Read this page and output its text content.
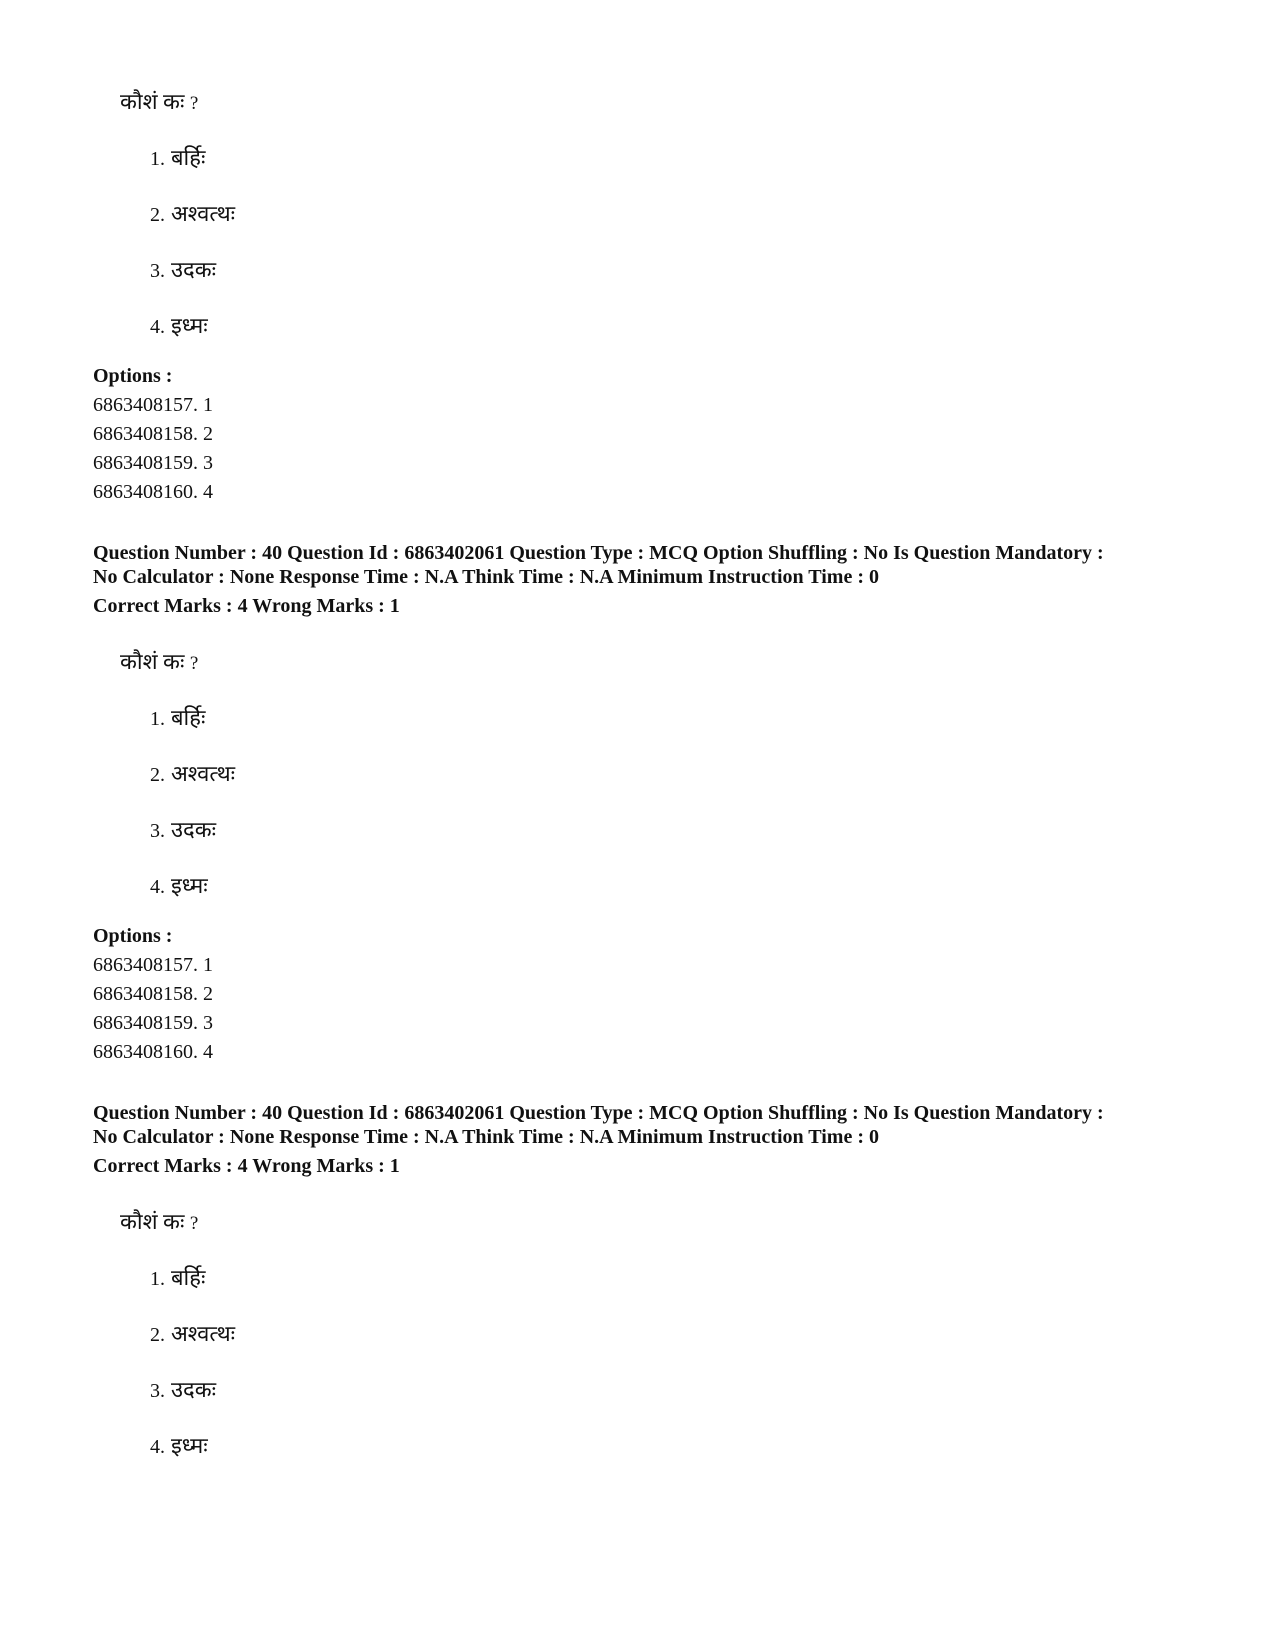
कौशं कः ?
1. बर्हिः
2. अश्वत्थः
3. उदकः
4. इध्मः
Options :
6863408157. 1
6863408158. 2
6863408159. 3
6863408160. 4
Question Number : 40 Question Id : 6863402061 Question Type : MCQ Option Shuffling : No Is Question Mandatory :
No Calculator : None Response Time : N.A Think Time : N.A Minimum Instruction Time : 0
Correct Marks : 4 Wrong Marks : 1
कौशं कः ?
1. बर्हिः
2. अश्वत्थः
3. उदकः
4. इध्मः
Options :
6863408157. 1
6863408158. 2
6863408159. 3
6863408160. 4
Question Number : 40 Question Id : 6863402061 Question Type : MCQ Option Shuffling : No Is Question Mandatory :
No Calculator : None Response Time : N.A Think Time : N.A Minimum Instruction Time : 0
Correct Marks : 4 Wrong Marks : 1
कौशं कः ?
1. बर्हिः
2. अश्वत्थः
3. उदकः
4. इध्मः
